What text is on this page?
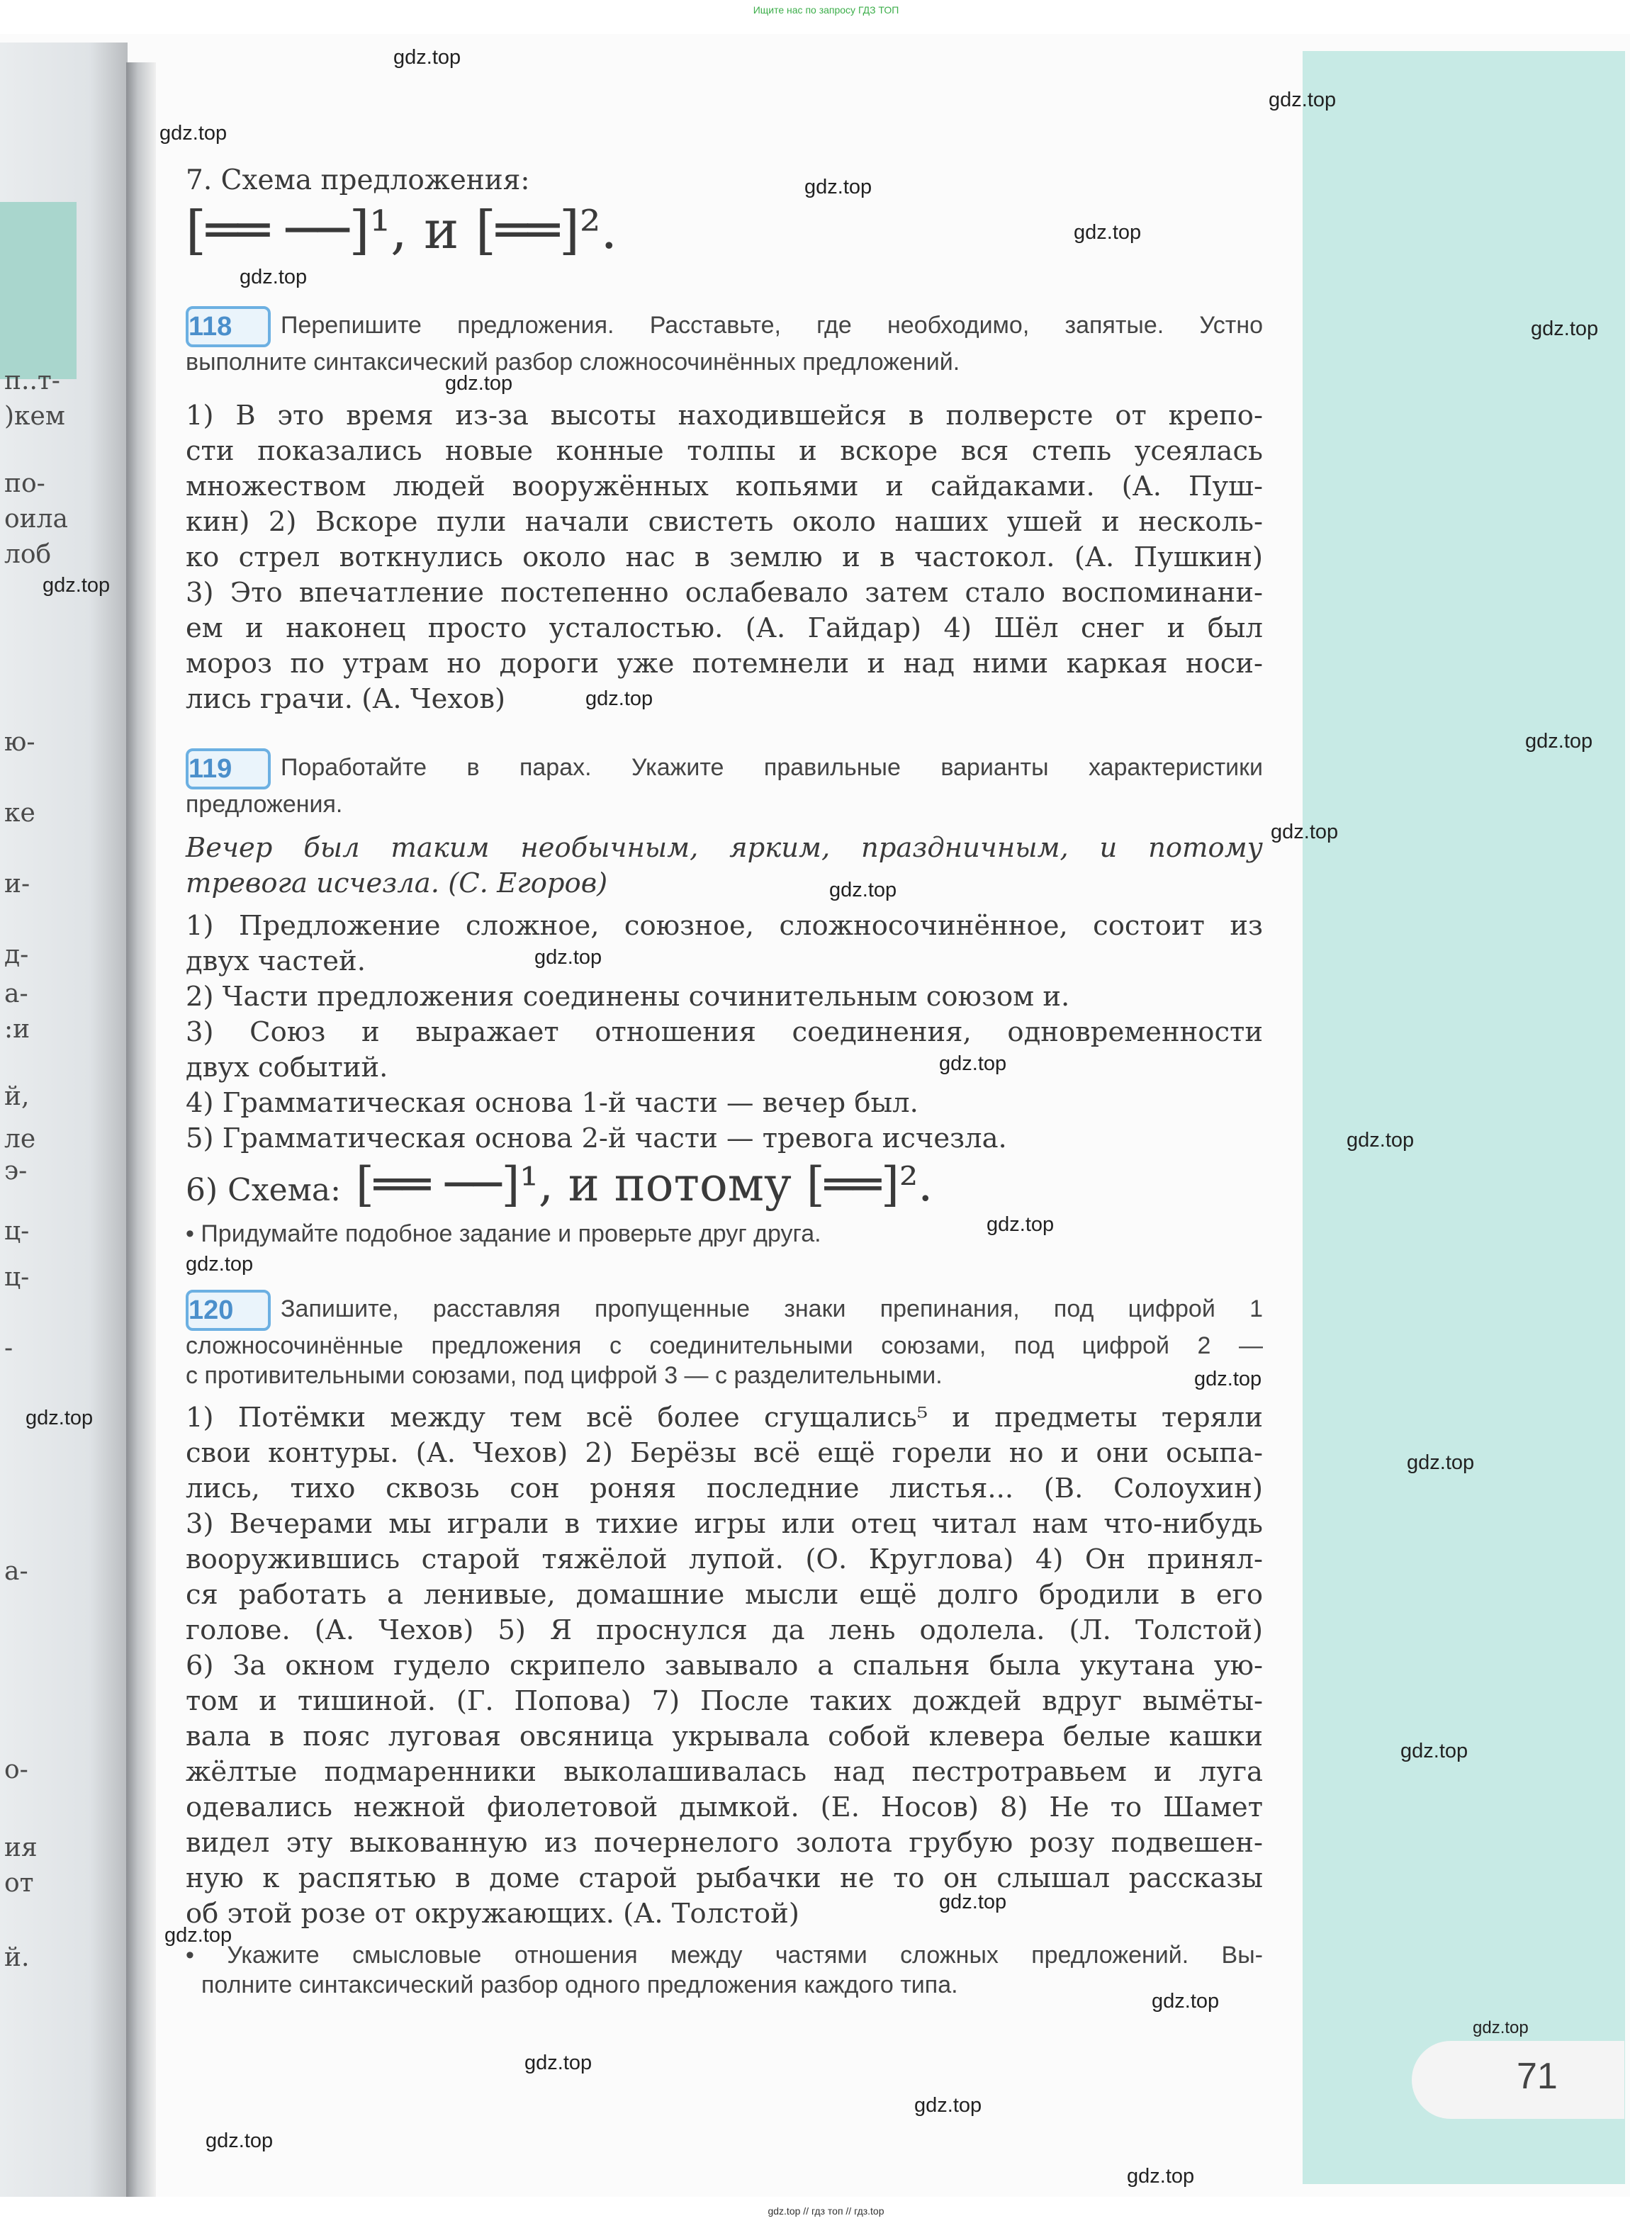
Ищите нас по запросу ГДЗ ТОП
п..т-
)кем
по-
оила
лоб
ю-
ке
и-
д-
а-
:и
й,
ле
э-
ц-
ц-
-
а-
о-
ия
от
й.
71
7. Схема предложения:
[══ ──]¹, и [══]².
118 Перепишите предложения. Расставьте, где необходимо, запятые. Устно
выполните синтаксический разбор сложносочинённых предложений.
1) В это время из-за высоты находившейся в полверсте от крепо-
сти показались новые конные толпы и вскоре вся степь усеялась
множеством людей вооружённых копьями и сайдаками. (А. Пуш-
кин) 2) Вскоре пули начали свистеть около наших ушей и несколь-
ко стрел воткнулись около нас в землю и в частокол. (А. Пушкин)
3) Это впечатление постепенно ослабевало затем стало воспоминани-
ем и наконец просто усталостью. (А. Гайдар) 4) Шёл снег и был
мороз по утрам но дороги уже потемнели и над ними каркая носи-
лись грачи. (А. Чехов)
119 Поработайте в парах. Укажите правильные варианты характеристики
предложения.
Вечер был таким необычным, ярким, праздничным, и потому
тревога исчезла. (С. Егоров)
1) Предложение сложное, союзное, сложносочинённое, состоит из
двух частей.
2) Части предложения соединены сочинительным союзом и.
3) Союз и выражает отношения соединения, одновременности
двух событий.
4) Грамматическая основа 1-й части — вечер был.
5) Грамматическая основа 2-й части — тревога исчезла.
6) Схема: [══ ──]¹, и потому [══]².
• Придумайте подобное задание и проверьте друг друга.
120 Запишите, расставляя пропущенные знаки препинания, под цифрой 1
сложносочинённые предложения с соединительными союзами, под цифрой 2 —
с противительными союзами, под цифрой 3 — с разделительными.
1) Потёмки между тем всё более сгущались⁵ и предметы теряли
свои контуры. (А. Чехов) 2) Берёзы всё ещё горели но и они осыпа-
лись, тихо сквозь сон роняя последние листья... (В. Солоухин)
3) Вечерами мы играли в тихие игры или отец читал нам что-нибудь
вооружившись старой тяжёлой лупой. (О. Круглова) 4) Он принял-
ся работать а ленивые, домашние мысли ещё долго бродили в его
голове. (А. Чехов) 5) Я проснулся да лень одолела. (Л. Толстой)
6) За окном гудело скрипело завывало а спальня была укутана ую-
том и тишиной. (Г. Попова) 7) После таких дождей вдруг вымёты-
вала в пояс луговая овсяница укрывала собой клевера белые кашки
жёлтые подмаренники выколашивалась над пестротравьем и луга
одевались нежной фиолетовой дымкой. (Е. Носов) 8) Не то Шамет
видел эту выкованную из почернелого золота грубую розу подвешен-
ную к распятью в доме старой рыбачки не то он слышал рассказы
об этой розе от окружающих. (А. Толстой)
• Укажите смысловые отношения между частями сложных предложений. Вы-
полните синтаксический разбор одного предложения каждого типа.
gdz.top
gdz.top
gdz.top
gdz.top
gdz.top
gdz.top
gdz.top
gdz.top
gdz.top
gdz.top
gdz.top
gdz.top
gdz.top
gdz.top
gdz.top
gdz.top
gdz.top
gdz.top
gdz.top
gdz.top
gdz.top
gdz.top
gdz.top
gdz.top
gdz.top
gdz.top
gdz.top
gdz.top
gdz.top
gdz.top
gdz.top // гдз топ // гдз.top
